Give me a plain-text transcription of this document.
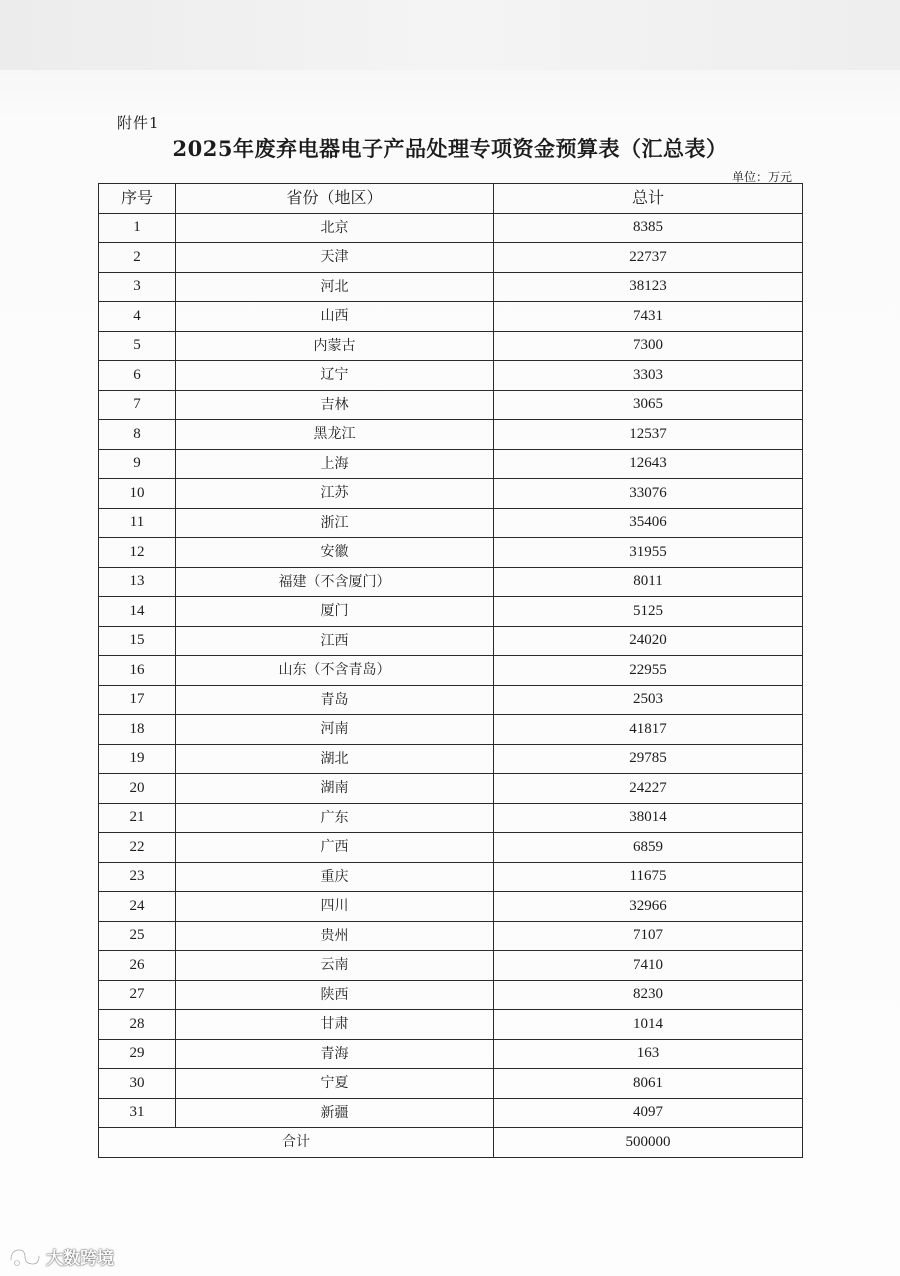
附件1
2025年废弃电器电子产品处理专项资金预算表（汇总表）
单位：万元
序号	省份（地区）	总计
1	北京	8385
2	天津	22737
3	河北	38123
4	山西	7431
5	内蒙古	7300
6	辽宁	3303
7	吉林	3065
8	黑龙江	12537
9	上海	12643
10	江苏	33076
11	浙江	35406
12	安徽	31955
13	福建（不含厦门）	8011
14	厦门	5125
15	江西	24020
16	山东（不含青岛）	22955
17	青岛	2503
18	河南	41817
19	湖北	29785
20	湖南	24227
21	广东	38014
22	广西	6859
23	重庆	11675
24	四川	32966
25	贵州	7107
26	云南	7410
27	陕西	8230
28	甘肃	1014
29	青海	163
30	宁夏	8061
31	新疆	4097
合计		500000
大数跨境
